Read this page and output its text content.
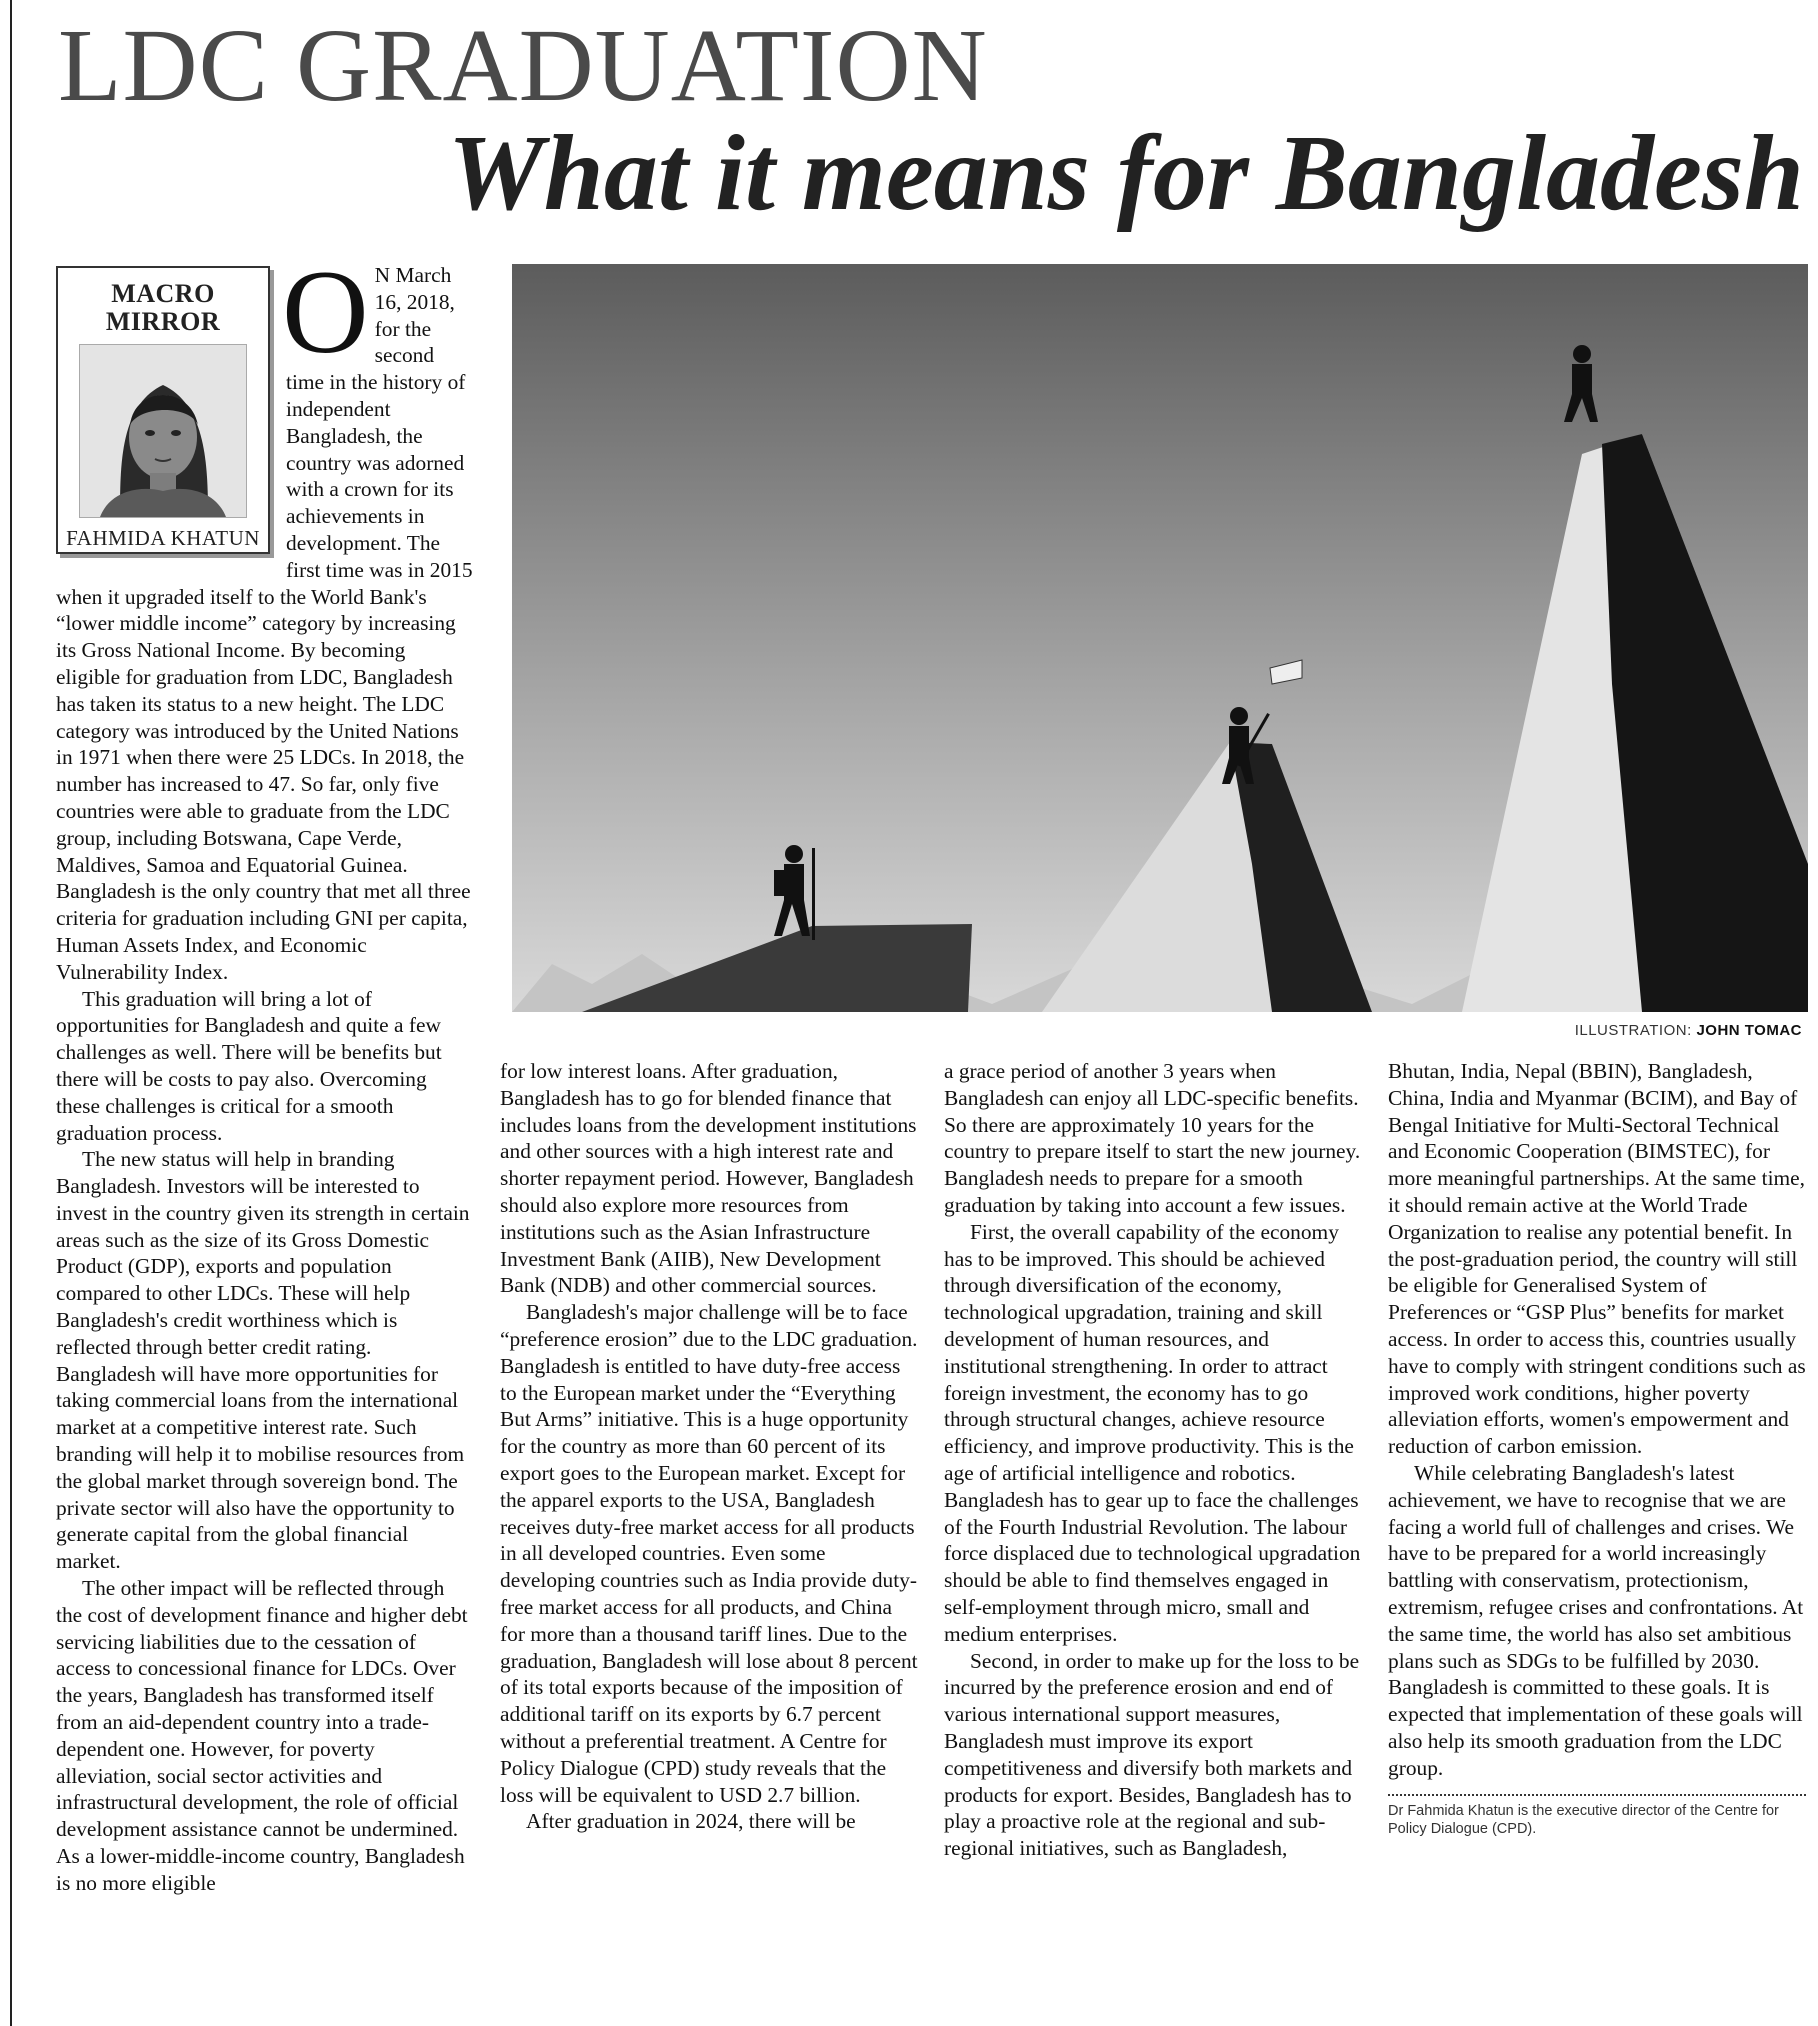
LDC GRADUATION
What it means for Bangladesh
O N March 16, 2018, for the second time in the history of independent Bangladesh, the country was adorned with a crown for its achievements in development. The first time was in 2015 when it upgraded itself to the World Bank's “lower middle income” category by increasing its Gross National Income. By becoming eligible for graduation from LDC, Bangladesh has taken its status to a new height. The LDC category was introduced by the United Nations in 1971 when there were 25 LDCs. In 2018, the number has increased to 47. So far, only five countries were able to graduate from the LDC group, including Botswana, Cape Verde, Maldives, Samoa and Equatorial Guinea. Bangladesh is the only country that met all three criteria for graduation including GNI per capita, Human Assets Index, and Economic Vulnerability Index.

This graduation will bring a lot of opportunities for Bangladesh and quite a few challenges as well. There will be benefits but there will be costs to pay also. Overcoming these challenges is critical for a smooth graduation process.

The new status will help in branding Bangladesh. Investors will be interested to invest in the country given its strength in certain areas such as the size of its Gross Domestic Product (GDP), exports and population compared to other LDCs. These will help Bangladesh's credit worthiness which is reflected through better credit rating. Bangladesh will have more opportunities for taking commercial loans from the international market at a competitive interest rate. Such branding will help it to mobilise resources from the global market through sovereign bond. The private sector will also have the opportunity to generate capital from the global financial market.

The other impact will be reflected through the cost of development finance and higher debt servicing liabilities due to the cessation of access to concessional finance for LDCs. Over the years, Bangladesh has transformed itself from an aid-dependent country into a trade-dependent one. However, for poverty alleviation, social sector activities and infrastructural development, the role of official development assistance cannot be undermined. As a lower-middle-income country, Bangladesh is no more eligible

MACRO
MIRROR
FAHMIDA KHATUN
ILLUSTRATION: JOHN TOMAC

for low interest loans. After graduation, Bangladesh has to go for blended finance that includes loans from the development institutions and other sources with a high interest rate and shorter repayment period. However, Bangladesh should also explore more resources from institutions such as the Asian Infrastructure Investment Bank (AIIB), New Development Bank (NDB) and other commercial sources.

Bangladesh's major challenge will be to face “preference erosion” due to the LDC graduation. Bangladesh is entitled to have duty-free access to the European market under the “Everything But Arms” initiative. This is a huge opportunity for the country as more than 60 percent of its export goes to the European market. Except for the apparel exports to the USA, Bangladesh receives duty-free market access for all products in all developed countries. Even some developing countries such as India provide duty-free market access for all products, and China for more than a thousand tariff lines. Due to the graduation, Bangladesh will lose about 8 percent of its total exports because of the imposition of additional tariff on its exports by 6.7 percent without a preferential treatment. A Centre for Policy Dialogue (CPD) study reveals that the loss will be equivalent to USD 2.7 billion.

After graduation in 2024, there will be

a grace period of another 3 years when Bangladesh can enjoy all LDC-specific benefits. So there are approximately 10 years for the country to prepare itself to start the new journey. Bangladesh needs to prepare for a smooth graduation by taking into account a few issues.

First, the overall capability of the economy has to be improved. This should be achieved through diversification of the economy, technological upgradation, training and skill development of human resources, and institutional strengthening. In order to attract foreign investment, the economy has to go through structural changes, achieve resource efficiency, and improve productivity. This is the age of artificial intelligence and robotics. Bangladesh has to gear up to face the challenges of the Fourth Industrial Revolution. The labour force displaced due to technological upgradation should be able to find themselves engaged in self-employment through micro, small and medium enterprises.

Second, in order to make up for the loss to be incurred by the preference erosion and end of various international support measures, Bangladesh must improve its export competitiveness and diversify both markets and products for export. Besides, Bangladesh has to play a proactive role at the regional and sub-regional initiatives, such as Bangladesh,

Bhutan, India, Nepal (BBIN), Bangladesh, China, India and Myanmar (BCIM), and Bay of Bengal Initiative for Multi-Sectoral Technical and Economic Cooperation (BIMSTEC), for more meaningful partnerships. At the same time, it should remain active at the World Trade Organization to realise any potential benefit. In the post-graduation period, the country will still be eligible for Generalised System of Preferences or “GSP Plus” benefits for market access. In order to access this, countries usually have to comply with stringent conditions such as improved work conditions, higher poverty alleviation efforts, women's empowerment and reduction of carbon emission.

While celebrating Bangladesh's latest achievement, we have to recognise that we are facing a world full of challenges and crises. We have to be prepared for a world increasingly battling with conservatism, protectionism, extremism, refugee crises and confrontations. At the same time, the world has also set ambitious plans such as SDGs to be fulfilled by 2030. Bangladesh is committed to these goals. It is expected that implementation of these goals will also help its smooth graduation from the LDC group.

Dr Fahmida Khatun is the executive director of the Centre for Policy Dialogue (CPD).
